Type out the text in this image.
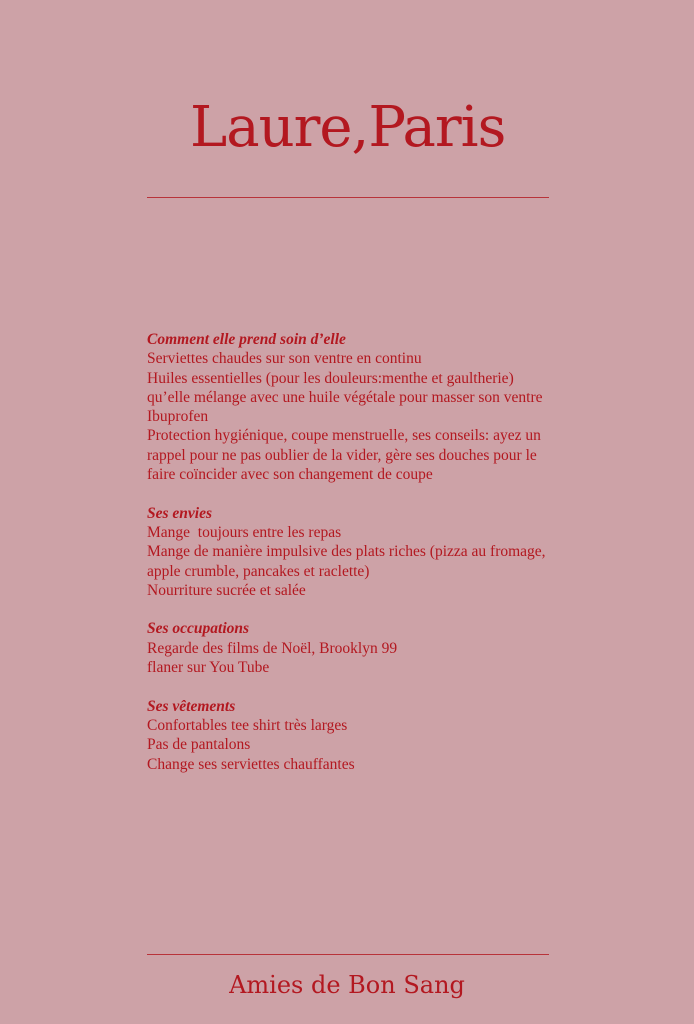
Laure,Paris
Comment elle prend soin d’elle
Serviettes chaudes sur son ventre en continu
Huiles essentielles (pour les douleurs:menthe et gaultherie)
qu’elle mélange avec une huile végétale pour masser son ventre
Ibuprofen
Protection hygiénique, coupe menstruelle, ses conseils: ayez un
rappel pour ne pas oublier de la vider, gère ses douches pour le
faire coïncider avec son changement de coupe
Ses envies
Mange  toujours entre les repas
Mange de manière impulsive des plats riches (pizza au fromage,
apple crumble, pancakes et raclette)
Nourriture sucrée et salée
Ses occupations
Regarde des films de Noël, Brooklyn 99
flaner sur You Tube
Ses vêtements
Confortables tee shirt très larges
Pas de pantalons
Change ses serviettes chauffantes
Amies de Bon Sang
